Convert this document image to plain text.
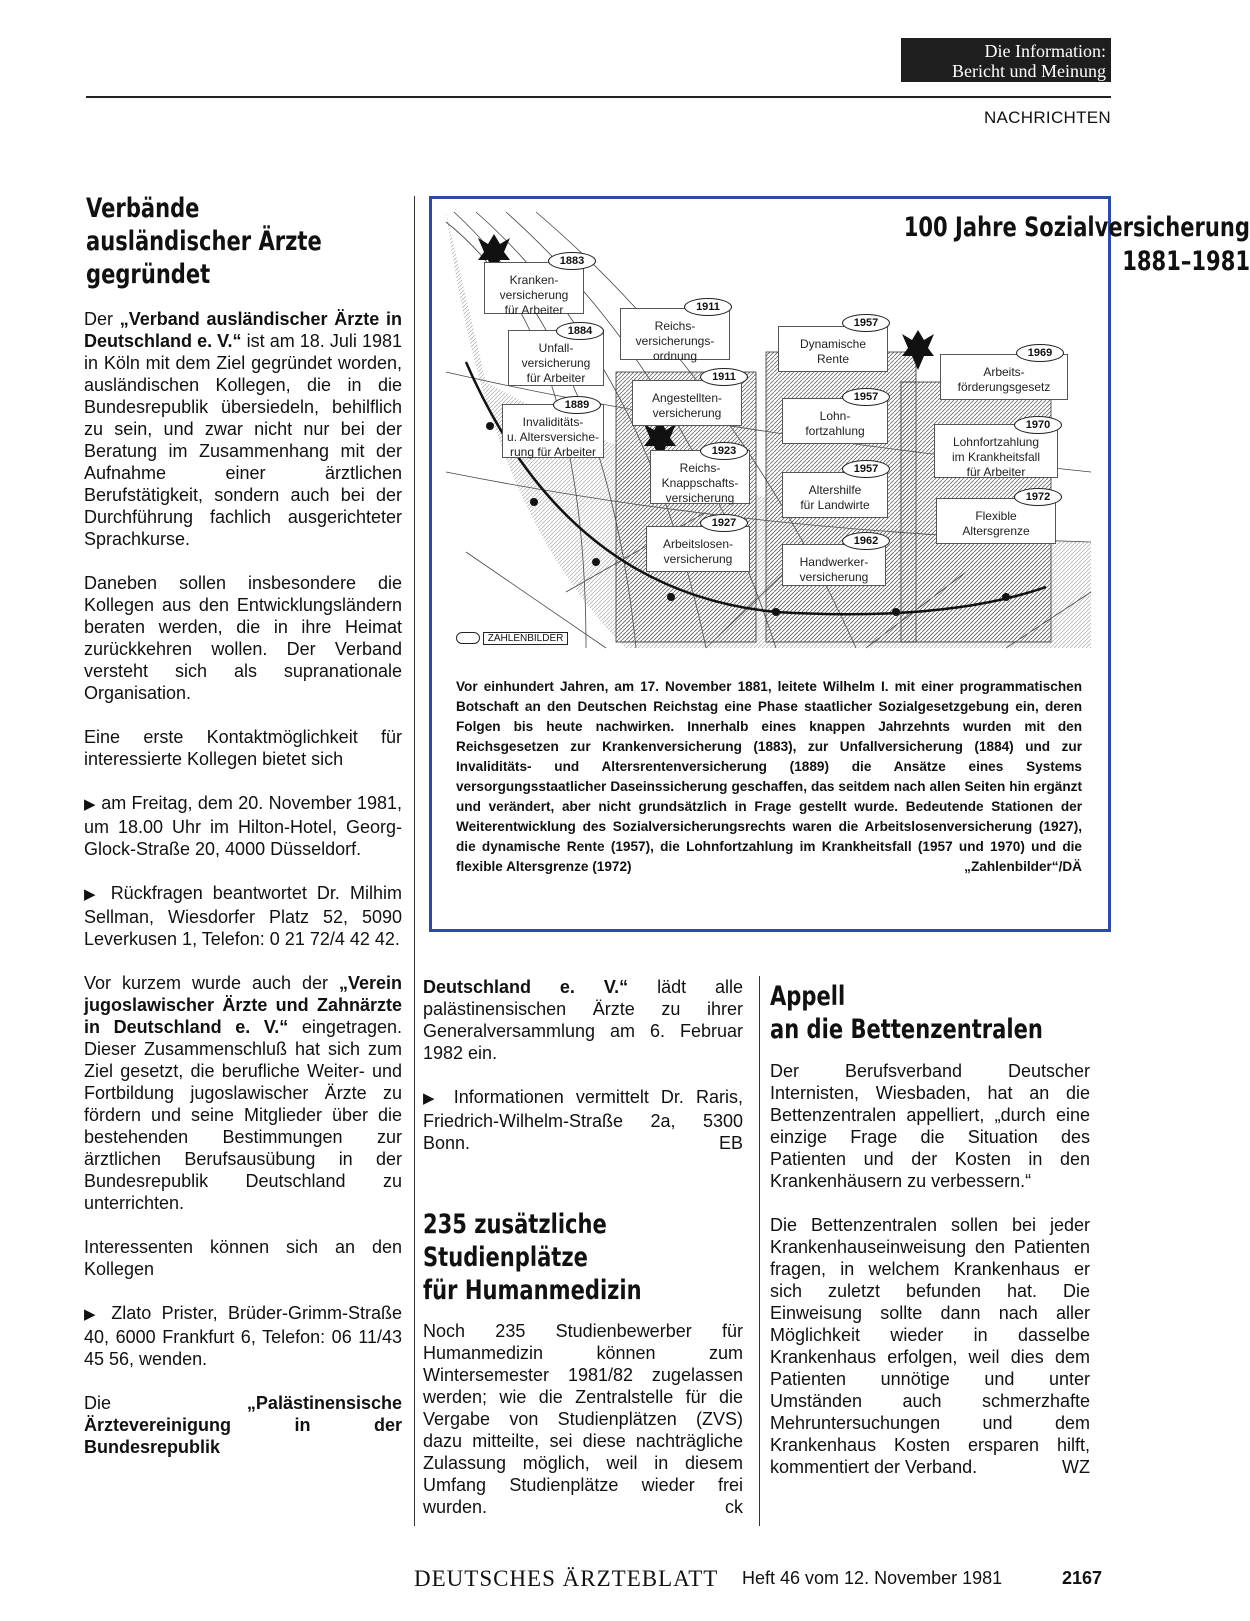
Die Information:
Bericht und Meinung
NACHRICHTEN
Verbände
ausländischer Ärzte
gegründet

Der „Verband ausländischer Ärzte in Deutschland e. V.“ ist am 18. Juli 1981 in Köln mit dem Ziel gegründet worden, ausländischen Kollegen, die in die Bundesrepublik übersiedeln, behilflich zu sein, und zwar nicht nur bei der Beratung im Zusammenhang mit der Aufnahme einer ärztlichen Berufstätigkeit, sondern auch bei der Durchführung fachlich ausgerichteter Sprachkurse.

Daneben sollen insbesondere die Kollegen aus den Entwicklungsländern beraten werden, die in ihre Heimat zurückkehren wollen. Der Verband versteht sich als supranationale Organisation.

Eine erste Kontaktmöglichkeit für interessierte Kollegen bietet sich

▶ am Freitag, dem 20. November 1981, um 18.00 Uhr im Hilton-Hotel, Georg-Glock-Straße 20, 4000 Düsseldorf.

▶ Rückfragen beantwortet Dr. Milhim Sellman, Wiesdorfer Platz 52, 5090 Leverkusen 1, Telefon: 0 21 72/4 42 42.

Vor kurzem wurde auch der „Verein jugoslawischer Ärzte und Zahnärzte in Deutschland e. V.“ eingetragen. Dieser Zusammenschluß hat sich zum Ziel gesetzt, die berufliche Weiter- und Fortbildung jugoslawischer Ärzte zu fördern und seine Mitglieder über die bestehenden Bestimmungen zur ärztlichen Berufsausübung in der Bundesrepublik Deutschland zu unterrichten.

Interessenten können sich an den Kollegen

▶ Zlato Prister, Brüder-Grimm-Straße 40, 6000 Frankfurt 6, Telefon: 06 11/43 45 56, wenden.

Die „Palästinensische Ärztevereinigung in der Bundesrepublik

Kranken-
versicherung
für Arbeiter
1883
Unfall-
versicherung
für Arbeiter
1884
Invaliditäts-
u. Altersversiche-
rung für Arbeiter
1889
Reichs-
versicherungs-
ordnung
1911
Angestellten-
versicherung
1911
Reichs-
Knappschafts-
versicherung
1923
Arbeitslosen-
versicherung
1927
Dynamische
Rente
1957
Lohn-
fortzahlung
1957
Altershilfe
für Landwirte
1957
Handwerker-
versicherung
1962
Arbeits-
förderungsgesetz
1969
Lohnfortzahlung
im Krankheitsfall
für Arbeiter
1970
Flexible
Altersgrenze
1972
ZAHLENBILDER
100 Jahre Sozialversicherung
1881–1981
Vor einhundert Jahren, am 17. November 1881, leitete Wilhelm I. mit einer programmatischen Botschaft an den Deutschen Reichstag eine Phase staatlicher Sozialgesetzgebung ein, deren Folgen bis heute nachwirken. Innerhalb eines knappen Jahrzehnts wurden mit den Reichsgesetzen zur Krankenversicherung (1883), zur Unfallversicherung (1884) und zur Invaliditäts- und Altersrentenversicherung (1889) die Ansätze eines Systems versorgungsstaatlicher Daseinssicherung geschaffen, das seitdem nach allen Seiten hin ergänzt und verändert, aber nicht grundsätzlich in Frage gestellt wurde. Bedeutende Stationen der Weiterentwicklung des Sozialversicherungsrechts waren die Arbeitslosenversicherung (1927), die dynamische Rente (1957), die Lohnfortzahlung im Krankheitsfall (1957 und 1970) und die flexible Altersgrenze (1972)	„Zahlenbilder“/DÄ

Deutschland e. V.“ lädt alle palästinensischen Ärzte zu ihrer Generalversammlung am 6. Februar 1982 ein.

▶ Informationen vermittelt Dr. Raris, Friedrich-Wilhelm-Straße 2a, 5300 Bonn.	EB

235 zusätzliche
Studienplätze
für Humanmedizin

Noch 235 Studienbewerber für Humanmedizin können zum Wintersemester 1981/82 zugelassen werden; wie die Zentralstelle für die Vergabe von Studienplätzen (ZVS) dazu mitteilte, sei diese nachträgliche Zulassung möglich, weil in diesem Umfang Studienplätze wieder frei wurden.	ck

Appell
an die Bettenzentralen

Der Berufsverband Deutscher Internisten, Wiesbaden, hat an die Bettenzentralen appelliert, „durch eine einzige Frage die Situation des Patienten und der Kosten in den Krankenhäusern zu verbessern.“

Die Bettenzentralen sollen bei jeder Krankenhauseinweisung den Patienten fragen, in welchem Krankenhaus er sich zuletzt befunden hat. Die Einweisung sollte dann nach aller Möglichkeit wieder in dasselbe Krankenhaus erfolgen, weil dies dem Patienten unnötige und unter Umständen auch schmerzhafte Mehruntersuchungen und dem Krankenhaus Kosten ersparen hilft, kommentiert der Verband.	WZ

DEUTSCHES ÄRZTEBLATT Heft 46 vom 12. November 1981	2167
